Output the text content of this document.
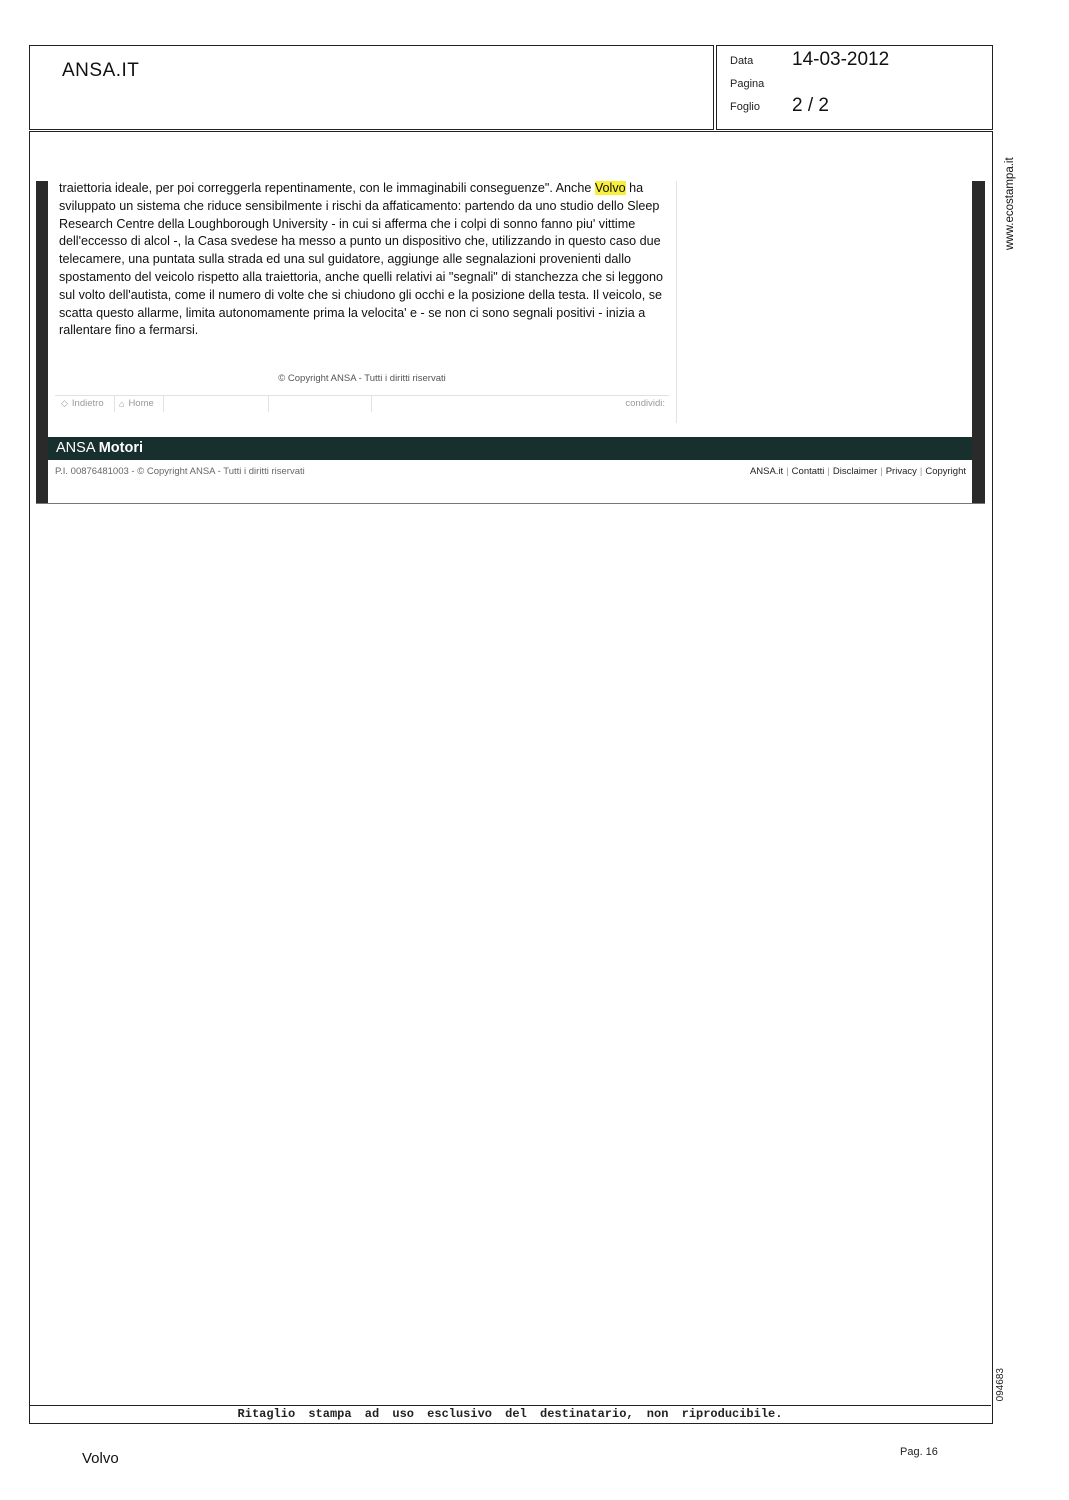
ANSA.IT	Data 14-03-2012
Pagina
Foglio 2 / 2
Ritaglio stampa ad uso esclusivo del destinatario, non riproducibile.
www.ecostampa.it
094683
traiettoria ideale, per poi correggerla repentinamente, con le immaginabili conseguenze". Anche Volvo ha sviluppato un sistema che riduce sensibilmente i rischi da affaticamento: partendo da uno studio dello Sleep Research Centre della Loughborough University - in cui si afferma che i colpi di sonno fanno piu' vittime dell'eccesso di alcol -, la Casa svedese ha messo a punto un dispositivo che, utilizzando in questo caso due telecamere, una puntata sulla strada ed una sul guidatore, aggiunge alle segnalazioni provenienti dallo spostamento del veicolo rispetto alla traiettoria, anche quelli relativi ai "segnali" di stanchezza che si leggono sul volto dell'autista, come il numero di volte che si chiudono gli occhi e la posizione della testa. Il veicolo, se scatta questo allarme, limita autonomamente prima la velocita' e - se non ci sono segnali positivi - inizia a rallentare fino a fermarsi.
© Copyright ANSA - Tutti i diritti riservati
◇ Indietro ⌂ Home	condividi:
ANSA Motori
P.I. 00876481003 - © Copyright ANSA - Tutti i diritti riservati	ANSA.it | Contatti | Disclaimer | Privacy | Copyright
Volvo	Pag. 16
